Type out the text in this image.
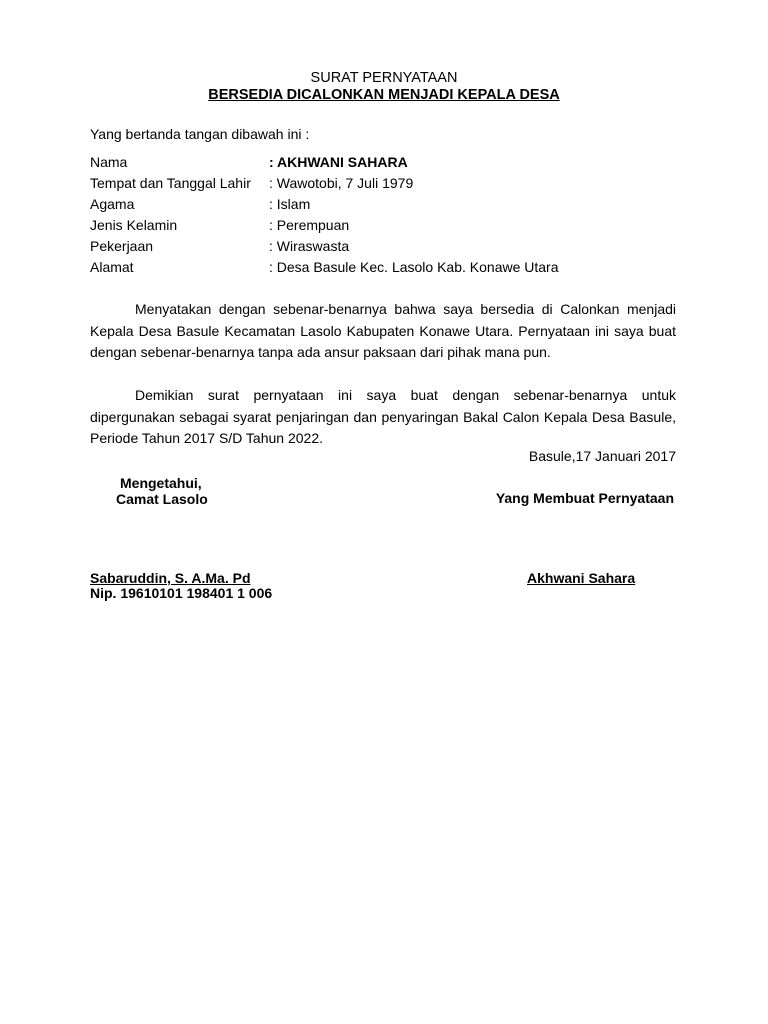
SURAT PERNYATAAN
BERSEDIA DICALONKAN MENJADI KEPALA DESA
Yang bertanda tangan dibawah ini :
Nama	: AKHWANI SAHARA
Tempat dan Tanggal Lahir	: Wawotobi, 7 Juli 1979
Agama	: Islam
Jenis Kelamin	: Perempuan
Pekerjaan	: Wiraswasta
Alamat	: Desa Basule Kec. Lasolo Kab. Konawe Utara

Menyatakan dengan sebenar-benarnya bahwa saya bersedia di Calonkan menjadi Kepala Desa Basule Kecamatan Lasolo Kabupaten Konawe Utara. Pernyataan ini saya buat dengan sebenar-benarnya tanpa ada ansur paksaan dari pihak mana pun.

Demikian surat pernyataan ini saya buat dengan sebenar-benarnya untuk dipergunakan sebagai syarat penjaringan dan penyaringan Bakal Calon Kepala Desa Basule, Periode Tahun 2017 S/D Tahun 2022.

Basule,17 Januari 2017
Mengetahui,
Camat Lasolo	Yang Membuat Pernyataan
Sabaruddin, S. A.Ma. Pd
Nip. 19610101 198401 1 006
Akhwani Sahara
